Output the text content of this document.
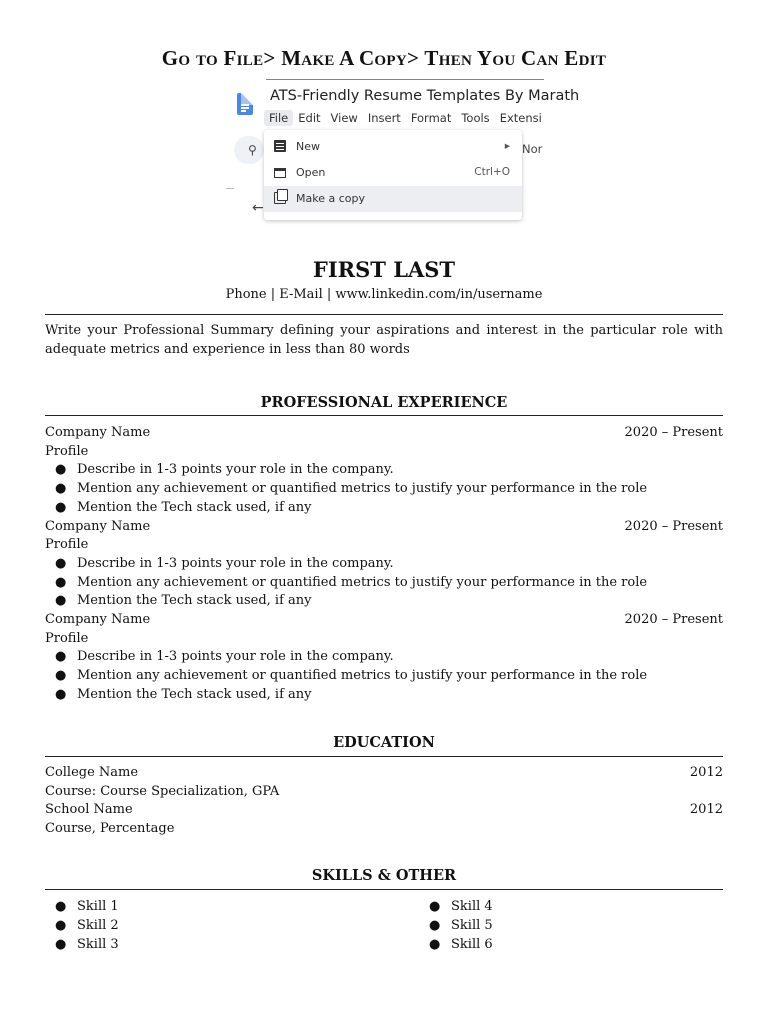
Go to File> Make A Copy> Then You Can Edit
ATS-Friendly Resume Templates By Marath
File Edit View Insert Format Tools Extensi
⚲	Nor
←
New	▸
Open	Ctrl+O
Make a copy
FIRST LAST
Phone | E-Mail | www.linkedin.com/in/username
Write your Professional Summary defining your aspirations and interest in the particular role with adequate metrics and experience in less than 80 words
PROFESSIONAL EXPERIENCE
Company Name	2020 – Present
Profile
● Describe in 1-3 points your role in the company.
● Mention any achievement or quantified metrics to justify your performance in the role
● Mention the Tech stack used, if any
Company Name	2020 – Present
Profile
● Describe in 1-3 points your role in the company.
● Mention any achievement or quantified metrics to justify your performance in the role
● Mention the Tech stack used, if any
Company Name	2020 – Present
Profile
● Describe in 1-3 points your role in the company.
● Mention any achievement or quantified metrics to justify your performance in the role
● Mention the Tech stack used, if any
EDUCATION
College Name	2012
Course: Course Specialization, GPA
School Name	2012
Course, Percentage
SKILLS & OTHER
● Skill 1
● Skill 2
● Skill 3
● Skill 4
● Skill 5
● Skill 6
